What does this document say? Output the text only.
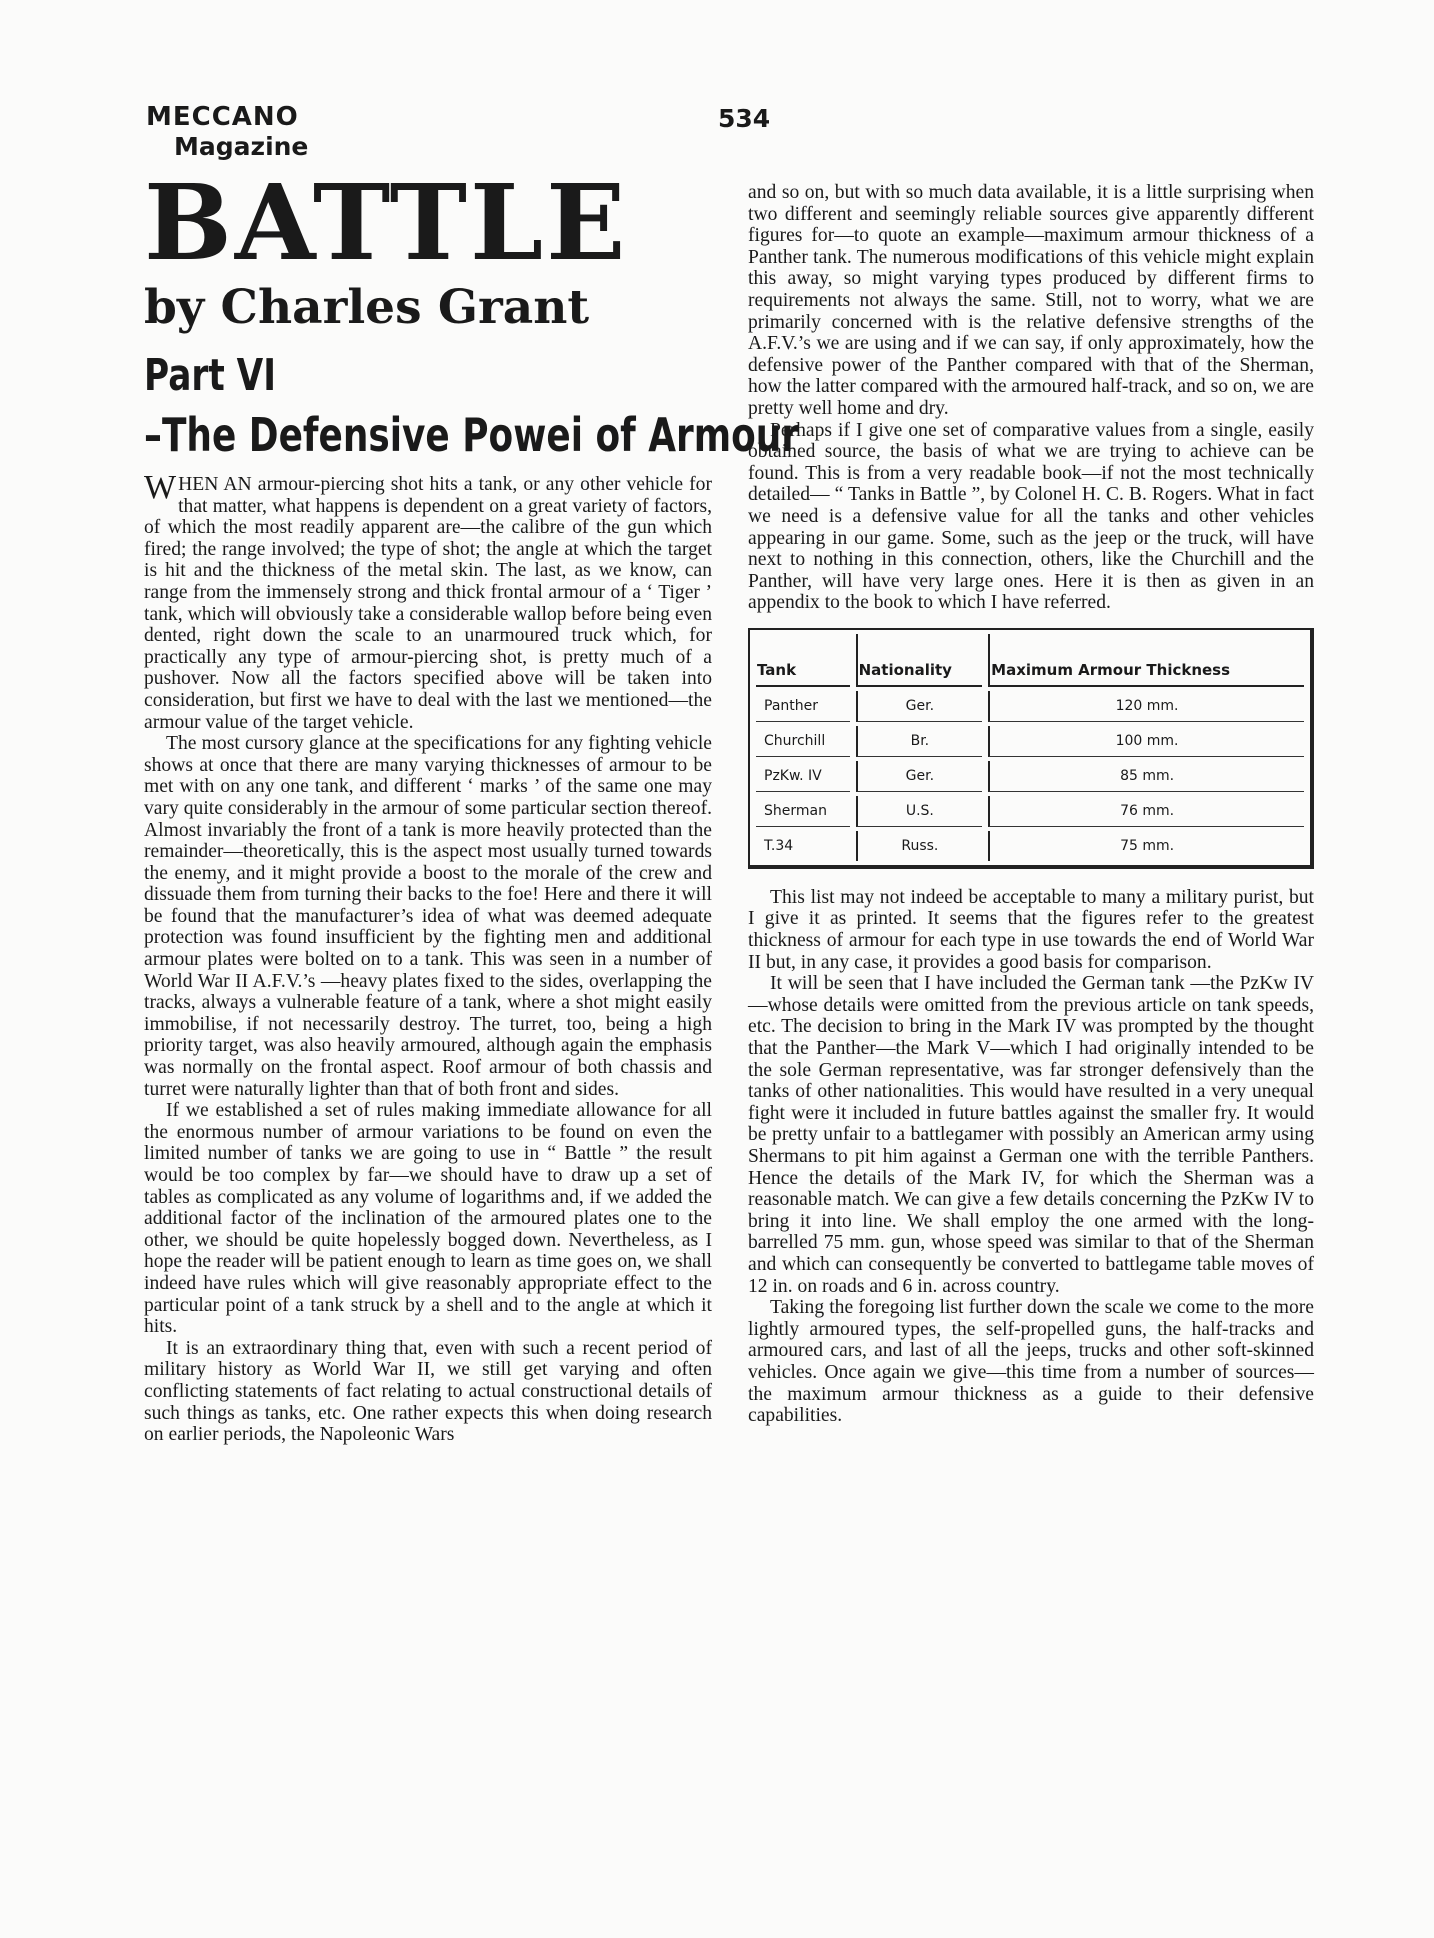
MECCANO
Magazine
534
BATTLE
by Charles Grant
Part VI
–The Defensive Powei of Armour

WHEN AN armour-piercing shot hits a tank, or any other vehicle for that matter, what happens is dependent on a great variety of factors, of which the most readily apparent are—the calibre of the gun which fired; the range involved; the type of shot; the angle at which the target is hit and the thickness of the metal skin. The last, as we know, can range from the immensely strong and thick frontal armour of a ‘ Tiger ’ tank, which will obviously take a considerable wallop before being even dented, right down the scale to an unarmoured truck which, for practically any type of armour-piercing shot, is pretty much of a pushover. Now all the factors specified above will be taken into consideration, but first we have to deal with the last we mentioned—the armour value of the target vehicle.

The most cursory glance at the specifications for any fighting vehicle shows at once that there are many varying thicknesses of armour to be met with on any one tank, and different ‘ marks ’ of the same one may vary quite considerably in the armour of some particular section thereof. Almost invariably the front of a tank is more heavily protected than the remainder—theoretically, this is the aspect most usually turned towards the enemy, and it might provide a boost to the morale of the crew and dissuade them from turning their backs to the foe! Here and there it will be found that the manufacturer’s idea of what was deemed adequate protection was found insufficient by the fighting men and additional armour plates were bolted on to a tank. This was seen in a number of World War II A.F.V.’s —heavy plates fixed to the sides, overlapping the tracks, always a vulnerable feature of a tank, where a shot might easily immobilise, if not necessarily destroy. The turret, too, being a high priority target, was also heavily armoured, although again the emphasis was normally on the frontal aspect. Roof armour of both chassis and turret were naturally lighter than that of both front and sides.

If we established a set of rules making immediate allowance for all the enormous number of armour variations to be found on even the limited number of tanks we are going to use in “ Battle ” the result would be too complex by far—we should have to draw up a set of tables as complicated as any volume of logarithms and, if we added the additional factor of the inclination of the armoured plates one to the other, we should be quite hopelessly bogged down. Nevertheless, as I hope the reader will be patient enough to learn as time goes on, we shall indeed have rules which will give reasonably appropriate effect to the particular point of a tank struck by a shell and to the angle at which it hits.

It is an extraordinary thing that, even with such a recent period of military history as World War II, we still get varying and often conflicting statements of fact relating to actual constructional details of such things as tanks, etc. One rather expects this when doing research on earlier periods, the Napoleonic Wars

and so on, but with so much data available, it is a little surprising when two different and seemingly reliable sources give apparently different figures for—to quote an example—maximum armour thickness of a Panther tank. The numerous modifications of this vehicle might explain this away, so might varying types produced by different firms to requirements not always the same. Still, not to worry, what we are primarily concerned with is the relative defensive strengths of the A.F.V.’s we are using and if we can say, if only approximately, how the defensive power of the Panther compared with that of the Sherman, how the latter compared with the armoured half-track, and so on, we are pretty well home and dry.

Perhaps if I give one set of comparative values from a single, easily obtained source, the basis of what we are trying to achieve can be found. This is from a very readable book—if not the most technically detailed— “ Tanks in Battle ”, by Colonel H. C. B. Rogers. What in fact we need is a defensive value for all the tanks and other vehicles appearing in our game. Some, such as the jeep or the truck, will have next to nothing in this connection, others, like the Churchill and the Panther, will have very large ones. Here it is then as given in an appendix to the book to which I have referred.

Tank	Nationality	Maximum Armour Thickness
Panther	Ger.	120 mm.
Churchill	Br.	100 mm.
PzKw. IV	Ger.	85 mm.
Sherman	U.S.	76 mm.
T.34	Russ.	75 mm.

This list may not indeed be acceptable to many a military purist, but I give it as printed. It seems that the figures refer to the greatest thickness of armour for each type in use towards the end of World War II but, in any case, it provides a good basis for comparison.

It will be seen that I have included the German tank —the PzKw IV—whose details were omitted from the previous article on tank speeds, etc. The decision to bring in the Mark IV was prompted by the thought that the Panther—the Mark V—which I had originally intended to be the sole German representative, was far stronger defensively than the tanks of other nationalities. This would have resulted in a very unequal fight were it included in future battles against the smaller fry. It would be pretty unfair to a battlegamer with possibly an American army using Shermans to pit him against a German one with the terrible Panthers. Hence the details of the Mark IV, for which the Sherman was a reasonable match. We can give a few details concerning the PzKw IV to bring it into line. We shall employ the one armed with the long-barrelled 75 mm. gun, whose speed was similar to that of the Sherman and which can consequently be converted to battlegame table moves of 12 in. on roads and 6 in. across country.

Taking the foregoing list further down the scale we come to the more lightly armoured types, the self-propelled guns, the half-tracks and armoured cars, and last of all the jeeps, trucks and other soft-skinned vehicles. Once again we give—this time from a number of sources—the maximum armour thickness as a guide to their defensive capabilities.
